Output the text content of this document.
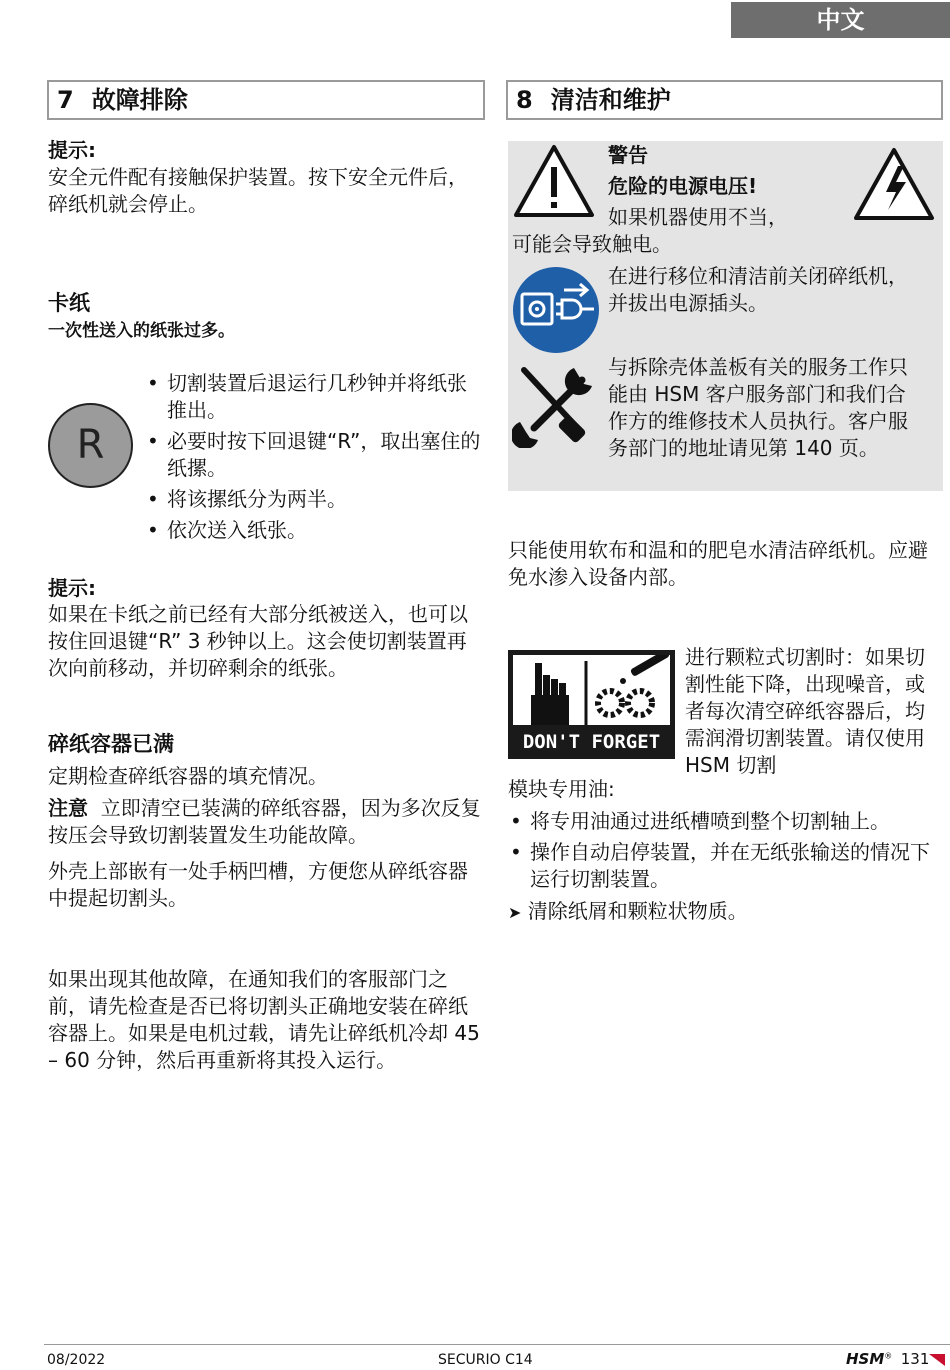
中文
7 故障排除
提示:
安全元件配有接触保护装置。按下安全元件后，碎纸机就会停止。
卡纸
一次性送入的纸张过多。
R
• 切割装置后退运行几秒钟并将纸张推出。
• 必要时按下回退键“R”，取出塞住的纸摞。
• 将该摞纸分为两半。
• 依次送入纸张。
提示:
如果在卡纸之前已经有大部分纸被送入，也可以按住回退键“R” 3 秒钟以上。这会使切割装置再次向前移动，并切碎剩余的纸张。
碎纸容器已满
定期检查碎纸容器的填充情况。
注意 立即清空已装满的碎纸容器，因为多次反复按压会导致切割装置发生功能故障。
外壳上部嵌有一处手柄凹槽，方便您从碎纸容器中提起切割头。
如果出现其他故障，在通知我们的客服部门之前，请先检查是否已将切割头正确地安装在碎纸容器上。如果是电机过载，请先让碎纸机冷却 45 – 60 分钟，然后再重新将其投入运行。
8 清洁和维护
警告
危险的电源电压!
如果机器使用不当，
可能会导致触电。
在进行移位和清洁前关闭碎纸机，并拔出电源插头。
与拆除壳体盖板有关的服务工作只能由 HSM 客户服务部门和我们合作方的维修技术人员执行。客户服务部门的地址请见第 140 页。
只能使用软布和温和的肥皂水清洁碎纸机。应避免水渗入设备内部。
DON'T FORGET
进行颗粒式切割时：如果切割性能下降，出现噪音，或者每次清空碎纸容器后，均需润滑切割装置。请仅使用 HSM 切割
模块专用油:
• 将专用油通过进纸槽喷到整个切割轴上。
• 操作自动启停装置，并在无纸张输送的情况下运行切割装置。
➤ 清除纸屑和颗粒状物质。
08/2022	SECURIO C14	HSM® 131
